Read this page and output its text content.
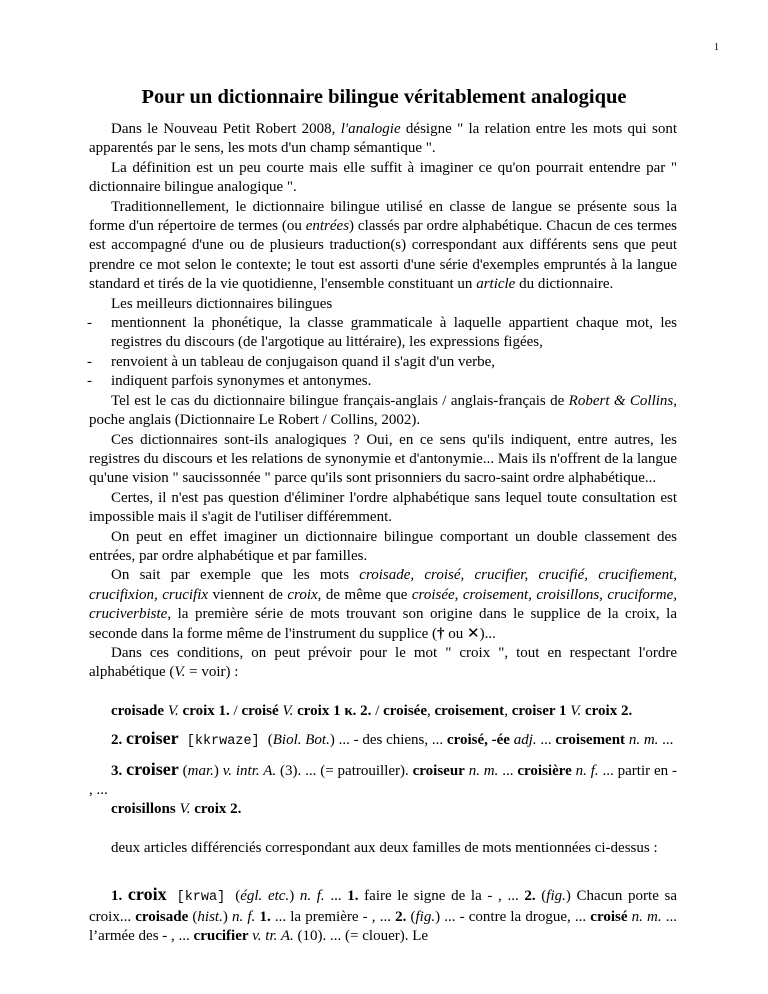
1
Pour un dictionnaire bilingue véritablement analogique

Dans le Nouveau Petit Robert 2008, l'analogie désigne " la relation entre les mots qui sont apparentés par le sens, les mots d'un champ sémantique ".

La définition est un peu courte mais elle suffit à imaginer ce qu'on pourrait entendre par " dictionnaire bilingue analogique ".

Traditionnellement, le dictionnaire bilingue utilisé en classe de langue se présente sous la forme d'un répertoire de termes (ou entrées) classés par ordre alphabétique. Chacun de ces termes est accompagné d'une ou de plusieurs traduction(s) correspondant aux différents sens que peut prendre ce mot selon le contexte; le tout est assorti d'une série d'exemples empruntés à la langue standard et tirés de la vie quotidienne, l'ensemble constituant un article du dictionnaire.

Les meilleurs dictionnaires bilingues

- mentionnent la phonétique, la classe grammaticale à laquelle appartient chaque mot, les registres du discours (de l'argotique au littéraire), les expressions figées,
- renvoient à un tableau de conjugaison quand il s'agit d'un verbe,
- indiquent parfois synonymes et antonymes.

Tel est le cas du dictionnaire bilingue français-anglais / anglais-français de Robert & Collins, poche anglais (Dictionnaire Le Robert / Collins, 2002).

Ces dictionnaires sont-ils analogiques ? Oui, en ce sens qu'ils indiquent, entre autres, les registres du discours et les relations de synonymie et d'antonymie... Mais ils n'offrent de la langue qu'une vision " saucissonnée " parce qu'ils sont prisonniers du sacro-saint ordre alphabétique...

Certes, il n'est pas question d'éliminer l'ordre alphabétique sans lequel toute consultation est impossible mais il s'agit de l'utiliser différemment.

On peut en effet imaginer un dictionnaire bilingue comportant un double classement des entrées, par ordre alphabétique et par familles.

On sait par exemple que les mots croisade, croisé, crucifier, crucifié, crucifiement, crucifixion, crucifix viennent de croix, de même que croisée, croisement, croisillons, cruciforme, cruciverbiste, la première série de mots trouvant son origine dans le supplice de la croix, la seconde dans la forme même de l'instrument du supplice († ou ✕)...

Dans ces conditions, on peut prévoir pour le mot " croix ", tout en respectant l'ordre alphabétique (V. = voir) :

croisade V. croix 1. / croisé V. croix 1 κ. 2. / croisée, croisement, croiser 1 V. croix 2.

2. croiser [kkrwaze] (Biol. Bot.) ... - des chiens, ... croisé, -ée adj. ... croisement n. m. ...

3. croiser (mar.) v. intr. A. (3). ... (= patrouiller). croiseur n. m. ... croisière n. f. ... partir en - , ...

croisillons V. croix 2.

deux articles différenciés correspondant aux deux familles de mots mentionnées ci-dessus :

1. croix [krwa] (égl. etc.) n. f. ... 1. faire le signe de la - , ... 2. (fig.) Chacun porte sa croix... croisade (hist.) n. f. 1. ... la première - , ... 2. (fig.) ... - contre la drogue, ... croisé n. m. ... l’armée des - , ... crucifier v. tr. A. (10). ... (= clouer). Le
